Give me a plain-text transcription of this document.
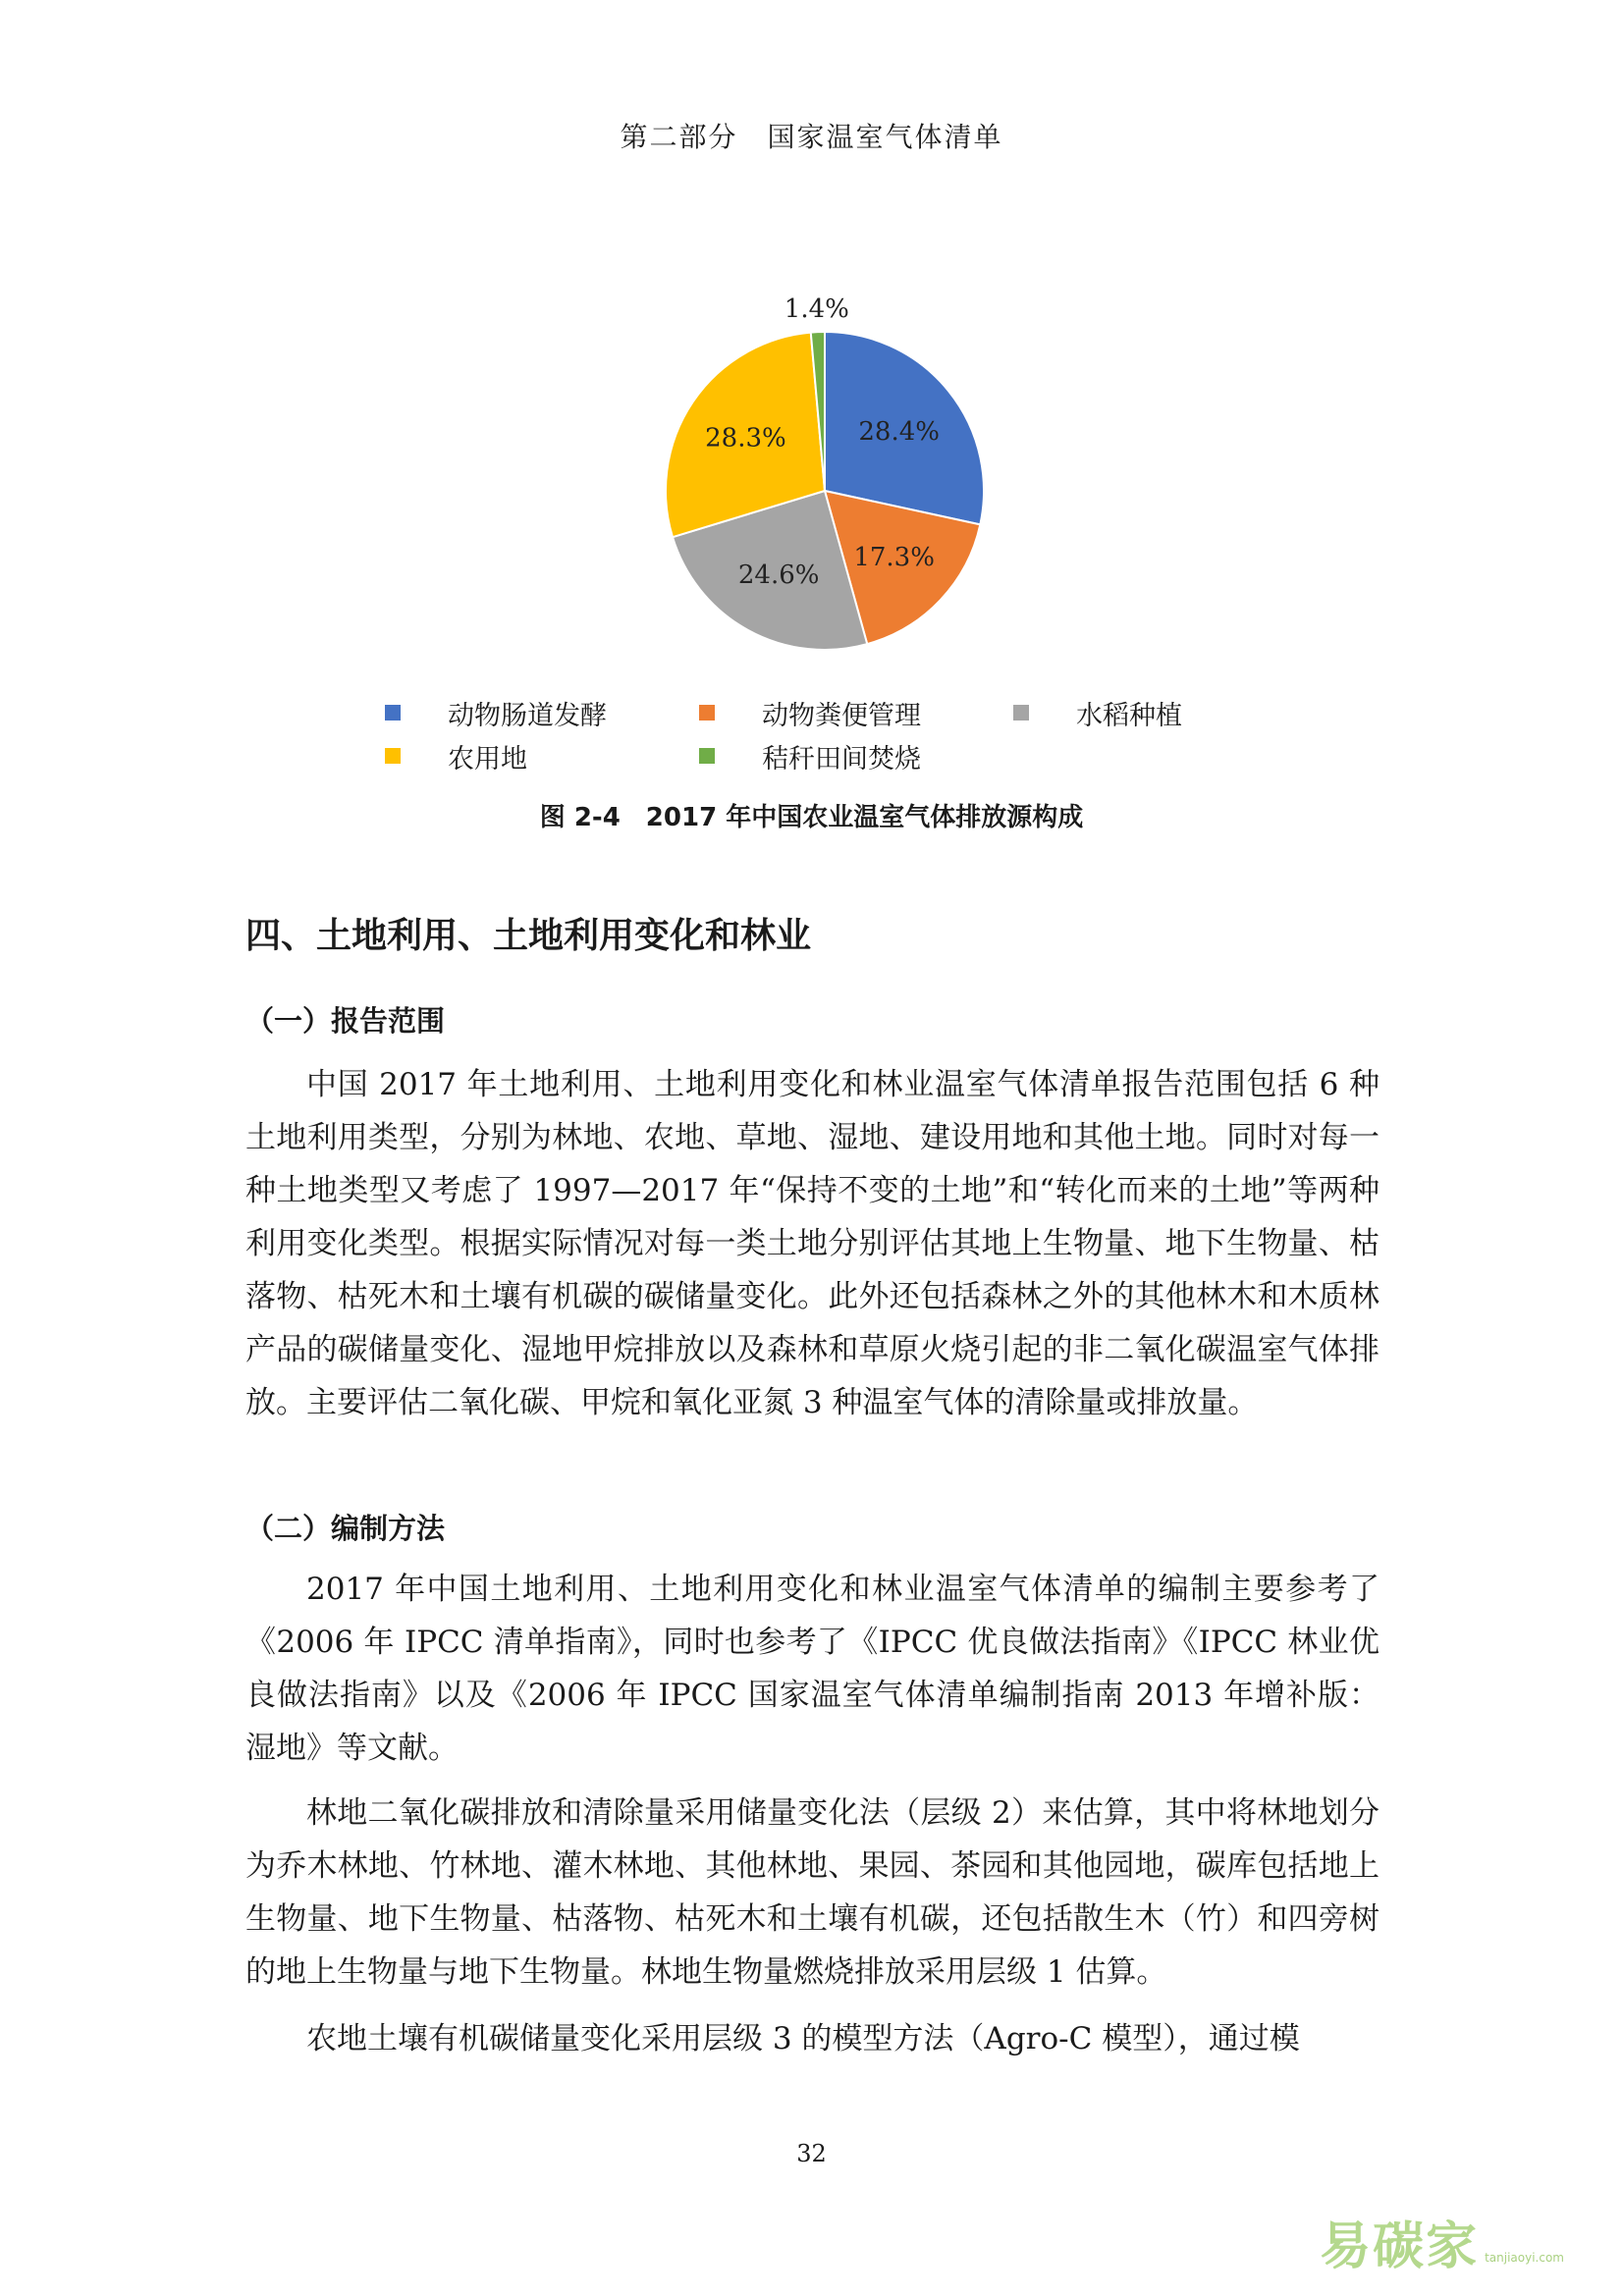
第二部分　国家温室气体清单
28.4%
17.3%
24.6%
28.3%
1.4%
动物肠道发酵	动物粪便管理	水稻种植
农用地	秸秆田间焚烧
图 2-4　2017 年中国农业温室气体排放源构成
四、土地利用、土地利用变化和林业
（一）报告范围

中国 2017 年土地利用、土地利用变化和林业温室气体清单报告范围包括 6 种土地利用类型，分别为林地、农地、草地、湿地、建设用地和其他土地。同时对每一种土地类型又考虑了 1997—2017 年“保持不变的土地”和“转化而来的土地”等两种利用变化类型。根据实际情况对每一类土地分别评估其地上生物量、地下生物量、枯落物、枯死木和土壤有机碳的碳储量变化。此外还包括森林之外的其他林木和木质林产品的碳储量变化、湿地甲烷排放以及森林和草原火烧引起的非二氧化碳温室气体排放。主要评估二氧化碳、甲烷和氧化亚氮 3 种温室气体的清除量或排放量。

（二）编制方法

2017 年中国土地利用、土地利用变化和林业温室气体清单的编制主要参考了《2006 年 IPCC 清单指南》，同时也参考了《IPCC 优良做法指南》《IPCC 林业优良做法指南》以及《2006 年 IPCC 国家温室气体清单编制指南 2013 年增补版：湿地》等文献。

林地二氧化碳排放和清除量采用储量变化法（层级 2）来估算，其中将林地划分为乔木林地、竹林地、灌木林地、其他林地、果园、茶园和其他园地，碳库包括地上生物量、地下生物量、枯落物、枯死木和土壤有机碳，还包括散生木（竹）和四旁树的地上生物量与地下生物量。林地生物量燃烧排放采用层级 1 估算。

农地土壤有机碳储量变化采用层级 3 的模型方法（Agro-C 模型），通过模

32
易碳家 tanjiaoyi.com
